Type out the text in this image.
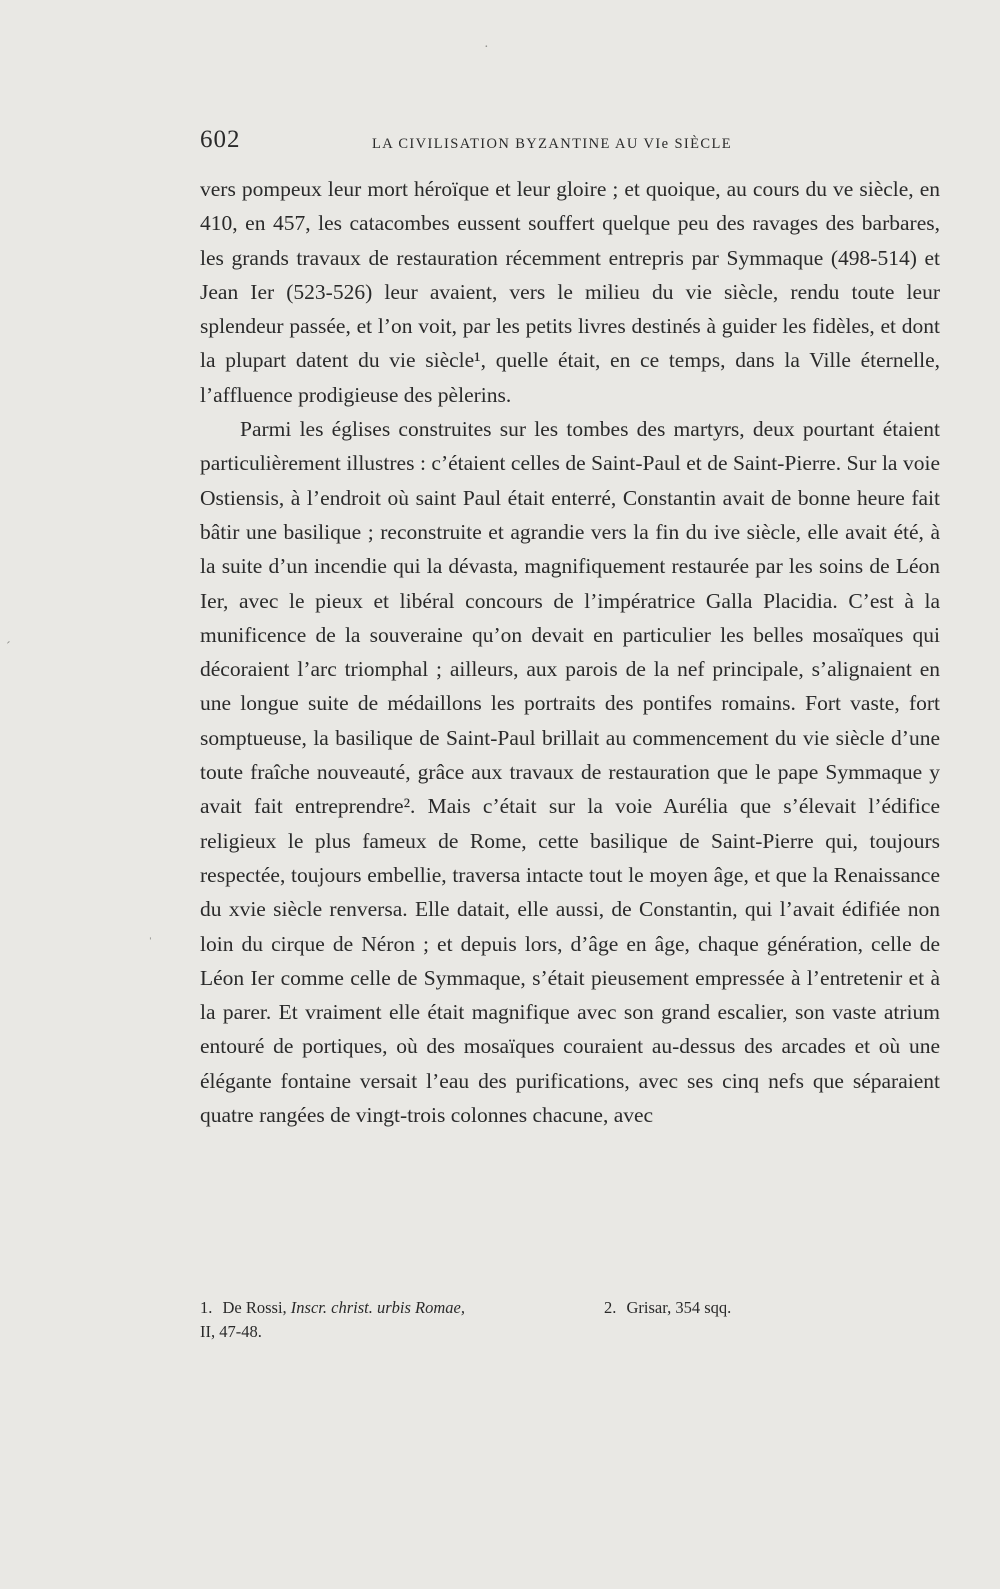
602	LA CIVILISATION BYZANTINE AU VIe SIÈCLE

vers pompeux leur mort héroïque et leur gloire ; et quoique, au cours du ve siècle, en 410, en 457, les catacombes eussent souffert quelque peu des ravages des barbares, les grands travaux de restauration récemment entrepris par Symmaque (498-514) et Jean Ier (523-526) leur avaient, vers le milieu du vie siècle, rendu toute leur splendeur passée, et l’on voit, par les petits livres destinés à guider les fidèles, et dont la plupart datent du vie siècle¹, quelle était, en ce temps, dans la Ville éternelle, l’affluence prodigieuse des pèlerins.

Parmi les églises construites sur les tombes des martyrs, deux pourtant étaient particulièrement illustres : c’étaient celles de Saint-Paul et de Saint-Pierre. Sur la voie Ostiensis, à l’endroit où saint Paul était enterré, Constantin avait de bonne heure fait bâtir une basilique ; reconstruite et agrandie vers la fin du ive siècle, elle avait été, à la suite d’un incendie qui la dévasta, magnifiquement restaurée par les soins de Léon Ier, avec le pieux et libéral concours de l’impératrice Galla Placidia. C’est à la munificence de la souveraine qu’on devait en particulier les belles mosaïques qui décoraient l’arc triomphal ; ailleurs, aux parois de la nef principale, s’alignaient en une longue suite de médaillons les portraits des pontifes romains. Fort vaste, fort somptueuse, la basilique de Saint-Paul brillait au commencement du vie siècle d’une toute fraîche nouveauté, grâce aux travaux de restauration que le pape Symmaque y avait fait entreprendre². Mais c’était sur la voie Aurélia que s’élevait l’édifice religieux le plus fameux de Rome, cette basilique de Saint-Pierre qui, toujours respectée, toujours embellie, traversa intacte tout le moyen âge, et que la Renaissance du xvie siècle renversa. Elle datait, elle aussi, de Constantin, qui l’avait édifiée non loin du cirque de Néron ; et depuis lors, d’âge en âge, chaque génération, celle de Léon Ier comme celle de Symmaque, s’était pieusement empressée à l’entretenir et à la parer. Et vraiment elle était magnifique avec son grand escalier, son vaste atrium entouré de portiques, où des mosaïques couraient au-dessus des arcades et où une élégante fontaine versait l’eau des purifications, avec ses cinq nefs que séparaient quatre rangées de vingt-trois colonnes chacune, avec

1. De Rossi, Inscr. christ. urbis Romae,
II, 47-48.
2. Grisar, 354 sqq.
·
ˊ
ˈ
